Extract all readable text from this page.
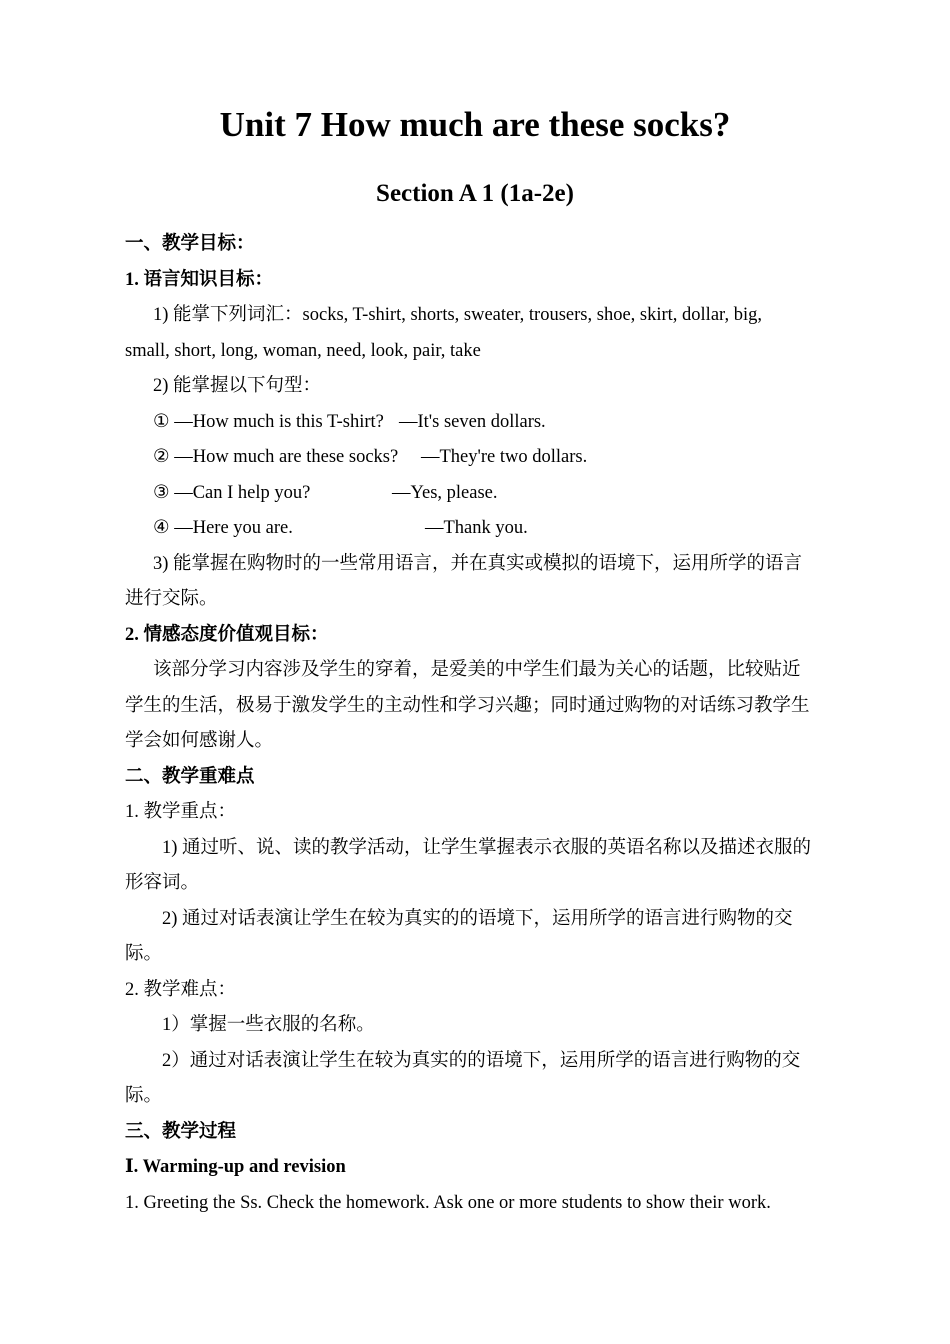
Unit 7 How much are these socks?
Section A 1 (1a-2e)

一、教学目标：

1. 语言知识目标：

1) 能掌下列词汇：socks, T-shirt, shorts, sweater, trousers, shoe, skirt, dollar, big,

small, short, long, woman, need, look, pair, take

2) 能掌握以下句型：

① —How much is this T-shirt? —It's seven dollars.

② —How much are these socks? —They're two dollars.

③ —Can I help you?	—Yes, please.

④ —Here you are.	—Thank you.

3) 能掌握在购物时的一些常用语言，并在真实或模拟的语境下，运用所学的语言

进行交际。

2. 情感态度价值观目标：

该部分学习内容涉及学生的穿着，是爱美的中学生们最为关心的话题，比较贴近

学生的生活，极易于激发学生的主动性和学习兴趣；同时通过购物的对话练习教学生

学会如何感谢人。

二、教学重难点

1. 教学重点：

1) 通过听、说、读的教学活动，让学生掌握表示衣服的英语名称以及描述衣服的

形容词。

2) 通过对话表演让学生在较为真实的的语境下，运用所学的语言进行购物的交

际。

2. 教学难点：

1）掌握一些衣服的名称。

2）通过对话表演让学生在较为真实的的语境下，运用所学的语言进行购物的交

际。

三、教学过程

Ⅰ. Warming-up and revision

1. Greeting the Ss. Check the homework. Ask one or more students to show their work.
